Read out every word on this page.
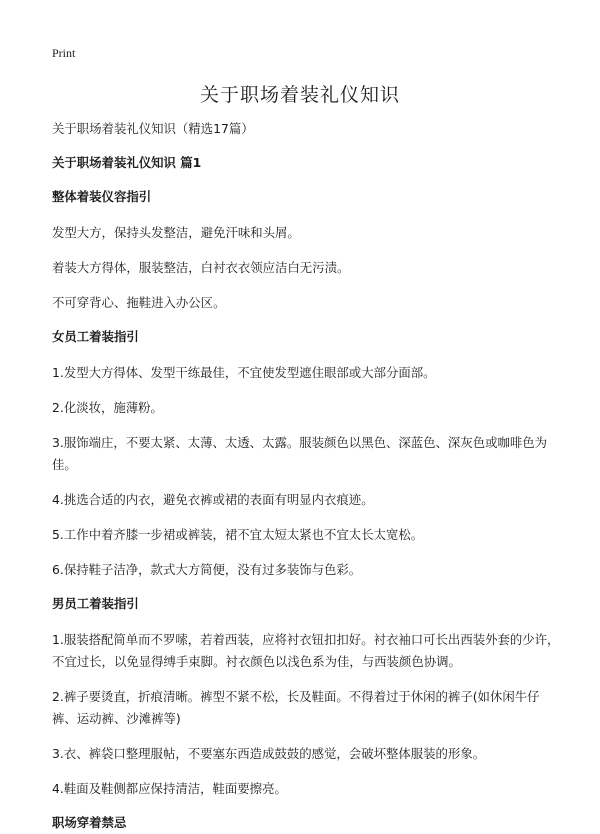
Print
关于职场着装礼仪知识

关于职场着装礼仪知识（精选17篇）

关于职场着装礼仪知识 篇1

整体着装仪容指引

发型大方，保持头发整洁，避免汗味和头屑。

着装大方得体，服装整洁，白衬衣衣领应洁白无污渍。

不可穿背心、拖鞋进入办公区。

女员工着装指引

1.发型大方得体、发型干练最佳，不宜使发型遮住眼部或大部分面部。

2.化淡妆，施薄粉。

3.服饰端庄，不要太紧、太薄、太透、太露。服装颜色以黑色、深蓝色、深灰色或咖啡色为佳。

4.挑选合适的内衣，避免衣裤或裙的表面有明显内衣痕迹。

5.工作中着齐膝一步裙或裤装，裙不宜太短太紧也不宜太长太宽松。

6.保持鞋子洁净，款式大方简便，没有过多装饰与色彩。

男员工着装指引

1.服装搭配简单而不罗嗦，若着西装，应将衬衣钮扣扣好。衬衣袖口可长出西装外套的少许，不宜过长，以免显得缚手束脚。衬衣颜色以浅色系为佳，与西装颜色协调。

2.裤子要烫直，折痕清晰。裤型不紧不松，长及鞋面。不得着过于休闲的裤子(如休闲牛仔裤、运动裤、沙滩裤等)

3.衣、裤袋口整理服帖，不要塞东西造成鼓鼓的感觉，会破坏整体服装的形象。

4.鞋面及鞋侧都应保持清洁，鞋面要擦亮。

职场穿着禁忌
